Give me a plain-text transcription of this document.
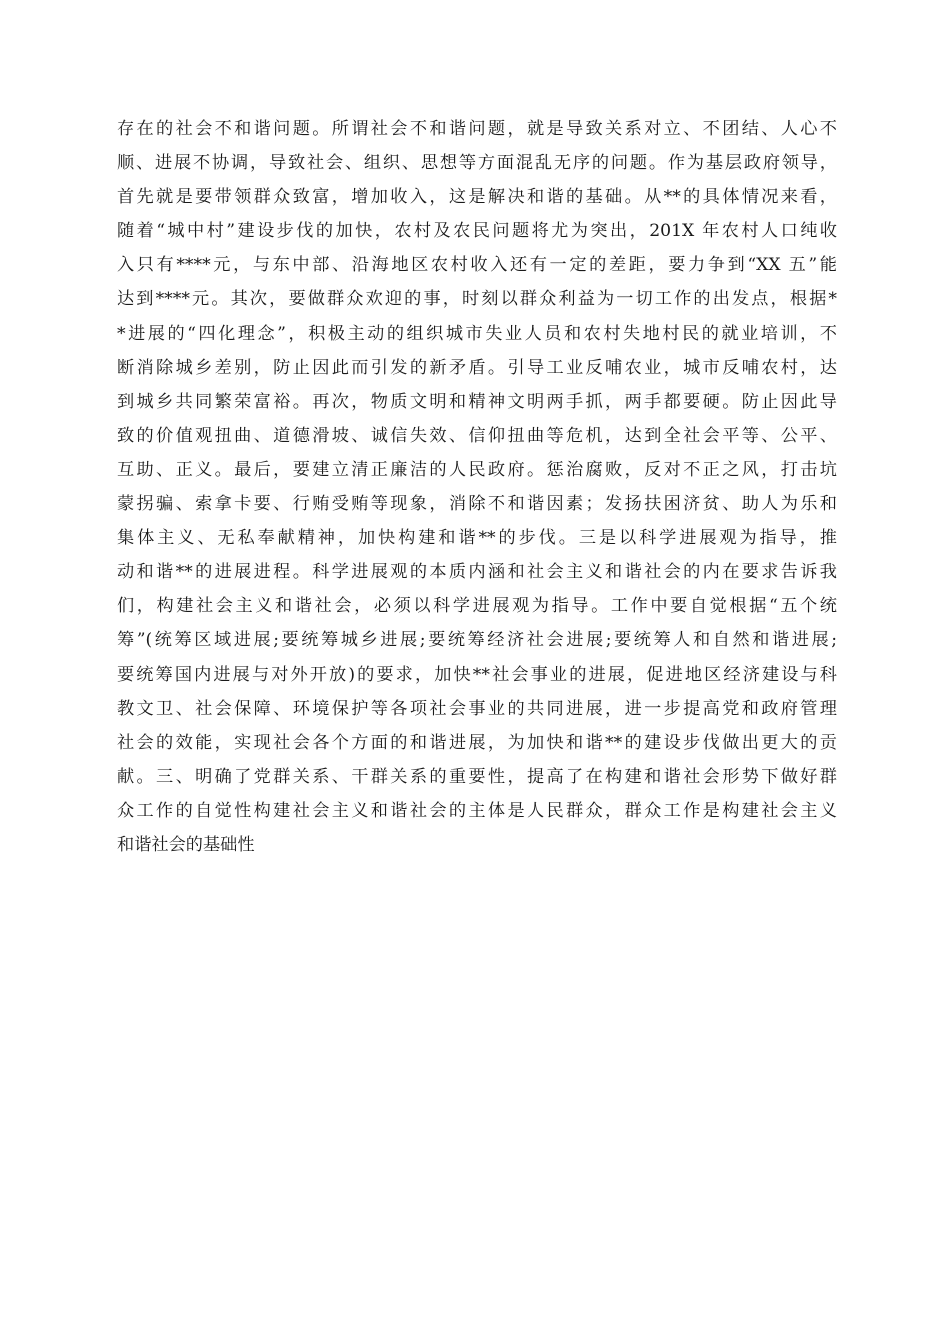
存在的社会不和谐问题。所谓社会不和谐问题，就是导致关系对立、不团结、人心不
顺、进展不协调，导致社会、组织、思想等方面混乱无序的问题。作为基层政府领导，
首先就是要带领群众致富，增加收入，这是解决和谐的基础。从**的具体情况来看，
随着“城中村”建设步伐的加快，农村及农民问题将尤为突出，201X 年农村人口纯收
入只有****元，与东中部、沿海地区农村收入还有一定的差距，要力争到“XX 五”能
达到****元。其次，要做群众欢迎的事，时刻以群众利益为一切工作的出发点，根据*
*进展的“四化理念”，积极主动的组织城市失业人员和农村失地村民的就业培训，不
断消除城乡差别，防止因此而引发的新矛盾。引导工业反哺农业，城市反哺农村，达
到城乡共同繁荣富裕。再次，物质文明和精神文明两手抓，两手都要硬。防止因此导
致的价值观扭曲、道德滑坡、诚信失效、信仰扭曲等危机，达到全社会平等、公平、
互助、正义。最后，要建立清正廉洁的人民政府。惩治腐败，反对不正之风，打击坑
蒙拐骗、索拿卡要、行贿受贿等现象，消除不和谐因素；发扬扶困济贫、助人为乐和
集体主义、无私奉献精神，加快构建和谐**的步伐。三是以科学进展观为指导，推
动和谐**的进展进程。科学进展观的本质内涵和社会主义和谐社会的内在要求告诉我
们，构建社会主义和谐社会，必须以科学进展观为指导。工作中要自觉根据“五个统
筹”(统筹区域进展;要统筹城乡进展;要统筹经济社会进展;要统筹人和自然和谐进展;
要统筹国内进展与对外开放)的要求，加快**社会事业的进展，促进地区经济建设与科
教文卫、社会保障、环境保护等各项社会事业的共同进展，进一步提高党和政府管理
社会的效能，实现社会各个方面的和谐进展，为加快和谐**的建设步伐做出更大的贡
献。三、明确了党群关系、干群关系的重要性，提高了在构建和谐社会形势下做好群
众工作的自觉性构建社会主义和谐社会的主体是人民群众，群众工作是构建社会主义
和谐社会的基础性
